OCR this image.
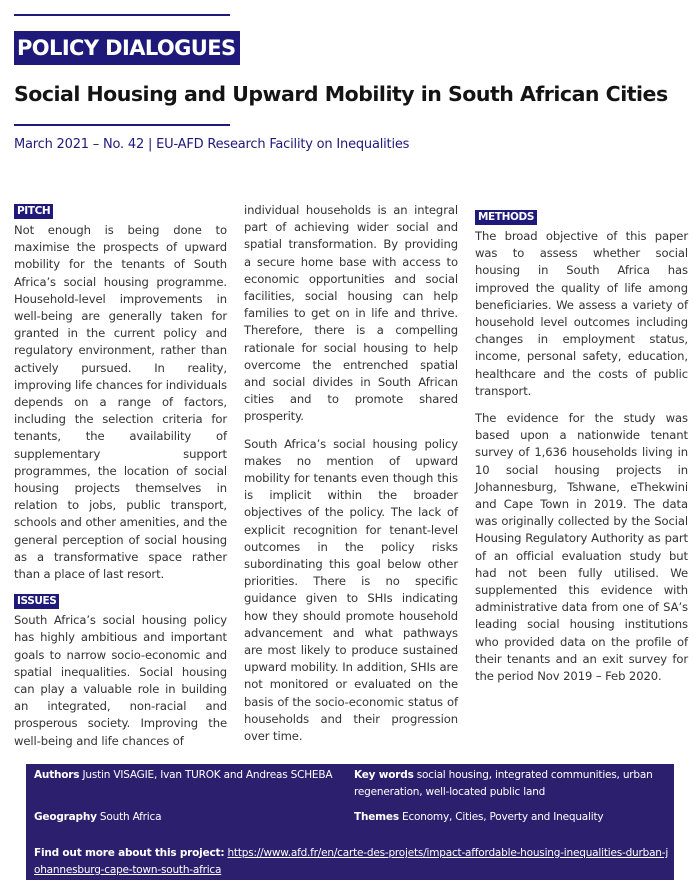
POLICY DIALOGUES
Social Housing and Upward Mobility in South African Cities
March 2021 – No. 42 | EU-AFD Research Facility on Inequalities
PITCH

Not enough is being done to maximise the prospects of upward mobility for the tenants of South Africa’s social housing programme. Household-level improvements in well-being are generally taken for granted in the current policy and regulatory environment, rather than actively pursued. In reality, improving life chances for individuals depends on a range of factors, including the selection criteria for tenants, the availability of supplementary support programmes, the location of social housing projects themselves in relation to jobs, public transport, schools and other amenities, and the general perception of social housing as a transformative space rather than a place of last resort.

ISSUES

South Africa’s social housing policy has highly ambitious and important goals to narrow socio-economic and spatial inequalities. Social housing can play a valuable role in building an integrated, non-racial and prosperous society. Improving the well-being and life chances of

individual households is an integral part of achieving wider social and spatial transformation. By providing a secure home base with access to economic opportunities and social facilities, social housing can help families to get on in life and thrive. Therefore, there is a compelling rationale for social housing to help overcome the entrenched spatial and social divides in South African cities and to promote shared prosperity.

South Africa’s social housing policy makes no mention of upward mobility for tenants even though this is implicit within the broader objectives of the policy. The lack of explicit recognition for tenant-level outcomes in the policy risks subordinating this goal below other priorities. There is no specific guidance given to SHIs indicating how they should promote household advancement and what pathways are most likely to produce sustained upward mobility. In addition, SHIs are not monitored or evaluated on the basis of the socio-economic status of households and their progression over time.

METHODS

The broad objective of this paper was to assess whether social housing in South Africa has improved the quality of life among beneficiaries. We assess a variety of household level outcomes including changes in employment status, income, personal safety, education, healthcare and the costs of public transport.

The evidence for the study was based upon a nationwide tenant survey of 1,636 households living in 10 social housing projects in Johannesburg, Tshwane, eThekwini and Cape Town in 2019. The data was originally collected by the Social Housing Regulatory Authority as part of an official evaluation study but had not been fully utilised. We supplemented this evidence with administrative data from one of SA’s leading social housing institutions who provided data on the profile of their tenants and an exit survey for the period Nov 2019 – Feb 2020.

Authors Justin VISAGIE, Ivan TUROK and Andreas SCHEBA	Key words social housing, integrated communities, urban regeneration, well-located public land
Geography South Africa	Themes Economy, Cities, Poverty and Inequality
Find out more about this project: https://www.afd.fr/en/carte-des-projets/impact-affordable-housing-inequalities-durban-johannesburg-cape-town-south-africa
